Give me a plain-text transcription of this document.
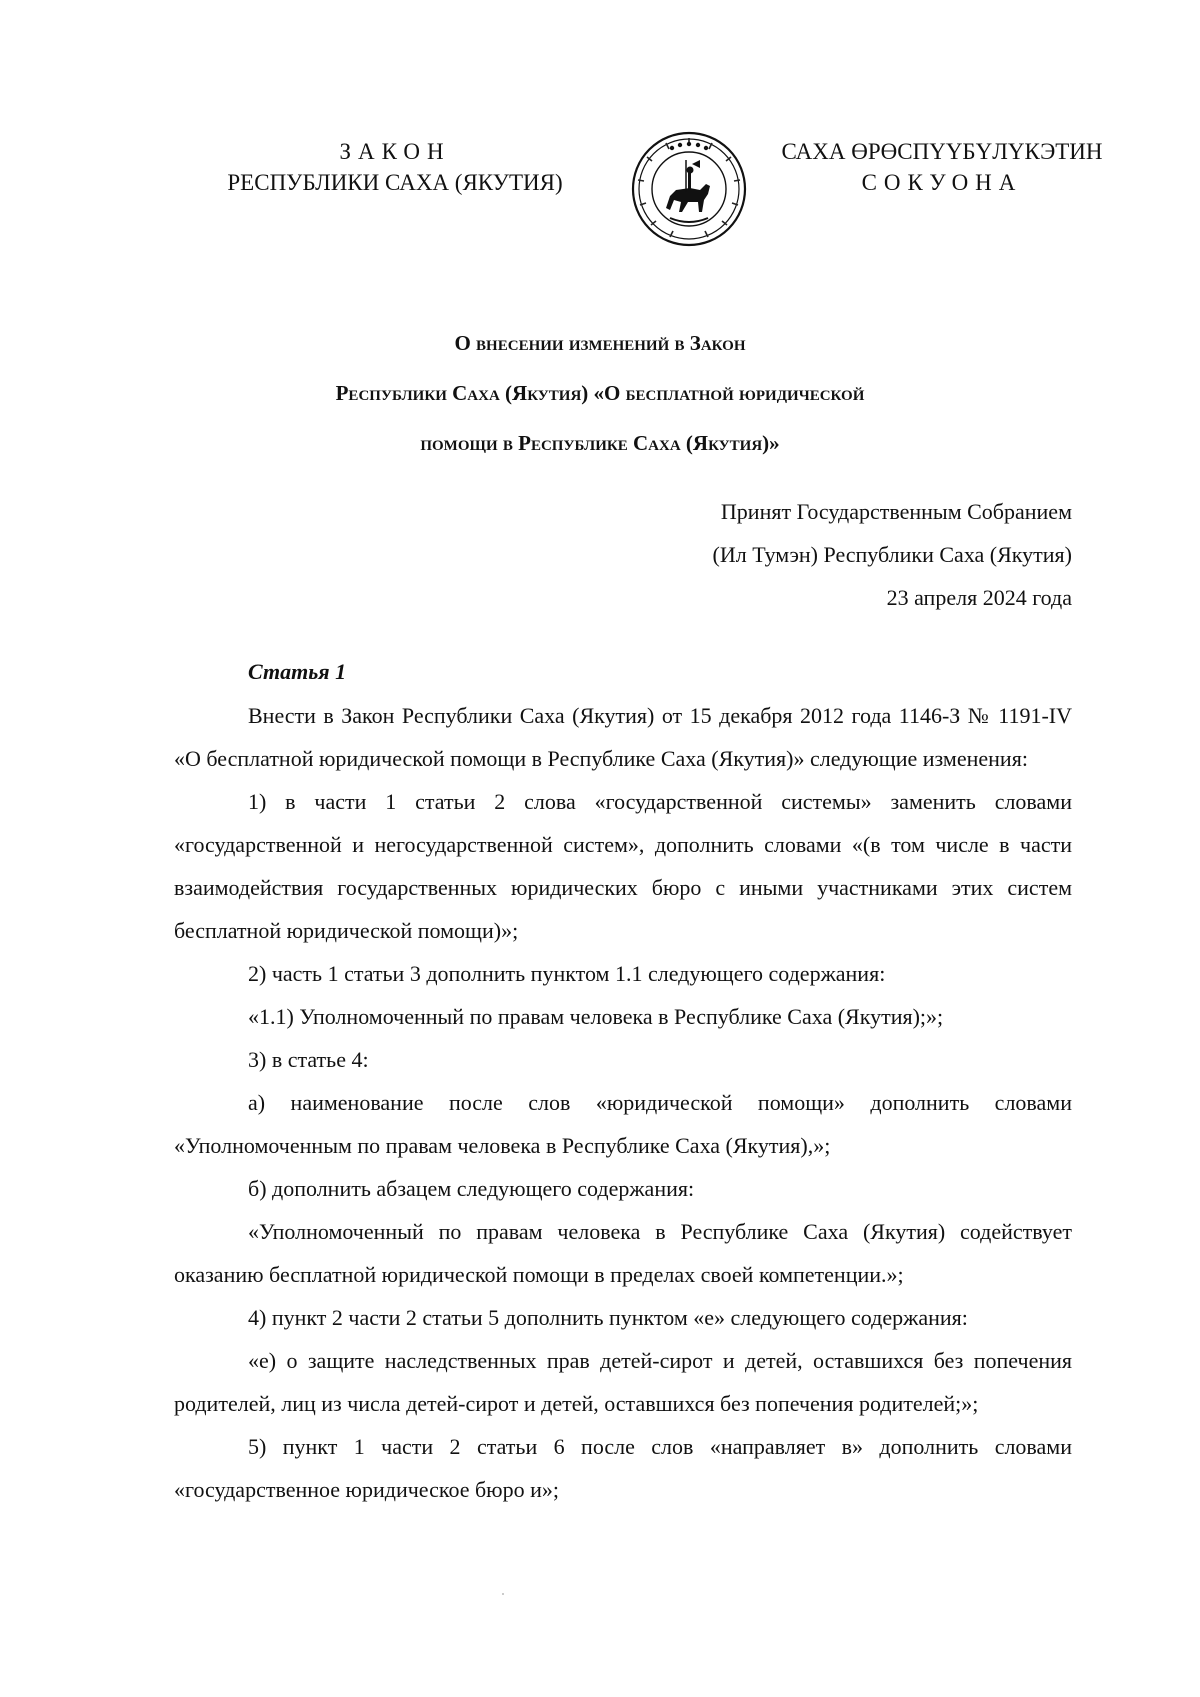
ЗАКОН
РЕСПУБЛИКИ САХА (ЯКУТИЯ)
САХА ӨРӨСПҮҮБҮЛҮКЭТИН
СОКУОНА
О внесении изменений в Закон
Республики Саха (Якутия) «О бесплатной юридической
помощи в Республике Саха (Якутия)»
Принят Государственным Собранием
(Ил Тумэн) Республики Саха (Якутия)
23 апреля 2024 года
Статья 1

Внести в Закон Республики Саха (Якутия) от 15 декабря 2012 года 1146-З № 1191-IV «О бесплатной юридической помощи в Республике Саха (Якутия)» следующие изменения:

1) в части 1 статьи 2 слова «государственной системы» заменить словами «государственной и негосударственной систем», дополнить словами «(в том числе в части взаимодействия государственных юридических бюро с иными участниками этих систем бесплатной юридической помощи)»;

2) часть 1 статьи 3 дополнить пунктом 1.1 следующего содержания:

«1.1) Уполномоченный по правам человека в Республике Саха (Якутия);»;

3) в статье 4:

а) наименование после слов «юридической помощи» дополнить словами «Уполномоченным по правам человека в Республике Саха (Якутия),»;

б) дополнить абзацем следующего содержания:

«Уполномоченный по правам человека в Республике Саха (Якутия) содействует оказанию бесплатной юридической помощи в пределах своей компетенции.»;

4) пункт 2 части 2 статьи 5 дополнить пунктом «е» следующего содержания:

«е) о защите наследственных прав детей-сирот и детей, оставшихся без попечения родителей, лиц из числа детей-сирот и детей, оставшихся без попечения родителей;»;

5) пункт 1 части 2 статьи 6 после слов «направляет в» дополнить словами «государственное юридическое бюро и»;
